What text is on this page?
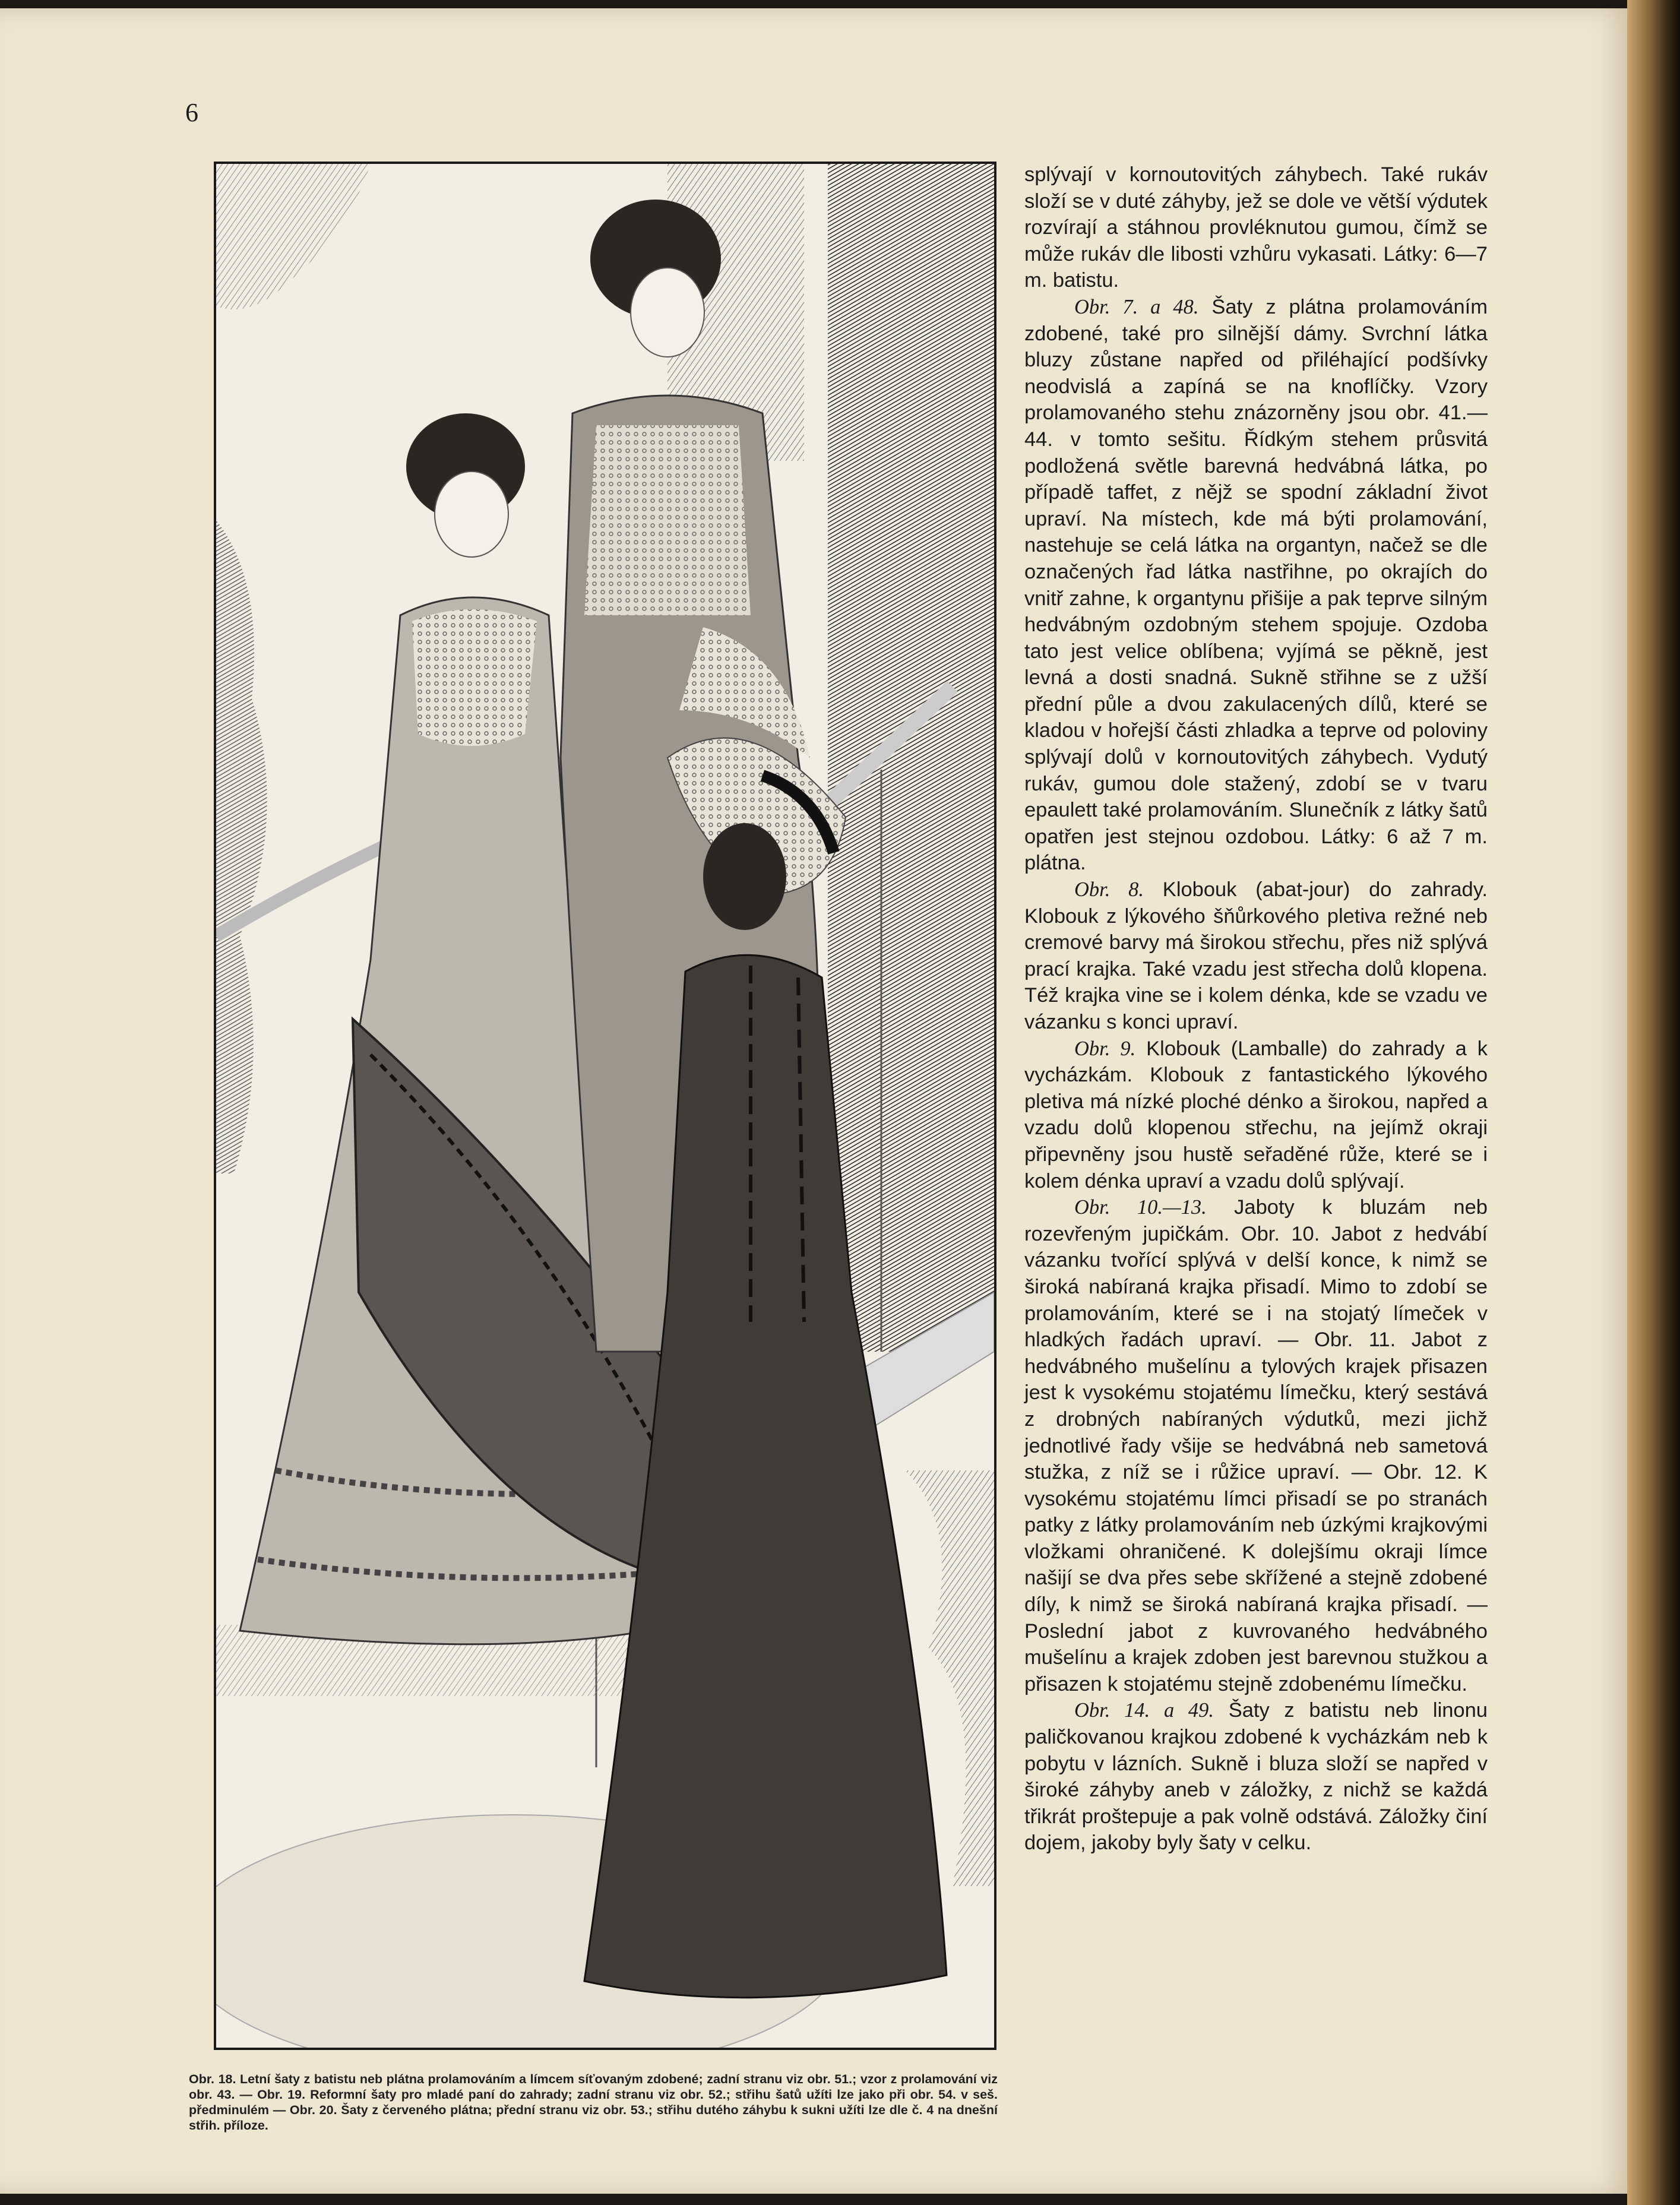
6
Obr. 18. Letní šaty z batistu neb plátna prolamováním a límcem síťovaným zdobené; zadní stranu viz obr. 51.; vzor z prolamování viz obr. 43. — Obr. 19. Reformní šaty pro mladé paní do zahrady; zadní stranu viz obr. 52.; střihu šatů užíti lze jako při obr. 54. v seš. předminulém — Obr. 20. Šaty z červeného plátna; přední stranu viz obr. 53.; střihu dutého záhybu k sukni užíti lze dle č. 4 na dnešní střih. příloze.

splývají v kornoutovitých záhybech. Také rukáv složí se v duté záhyby, jež se dole ve větší výdutek rozvírají a stáhnou provléknutou gumou, čímž se může rukáv dle libosti vzhůru vykasati. Látky: 6—7 m. batistu.

Obr. 7. a 48. Šaty z plátna prolamováním zdobené, také pro silnější dámy. Svrchní látka bluzy zůstane napřed od přiléhající podšívky neodvislá a zapíná se na knoflíčky. Vzory prolamovaného stehu znázorněny jsou obr. 41.—44. v tomto sešitu. Řídkým stehem průsvitá podložená světle barevná hedvábná látka, po případě taffet, z nějž se spodní základní život upraví. Na místech, kde má býti prolamování, nastehuje se celá látka na organtyn, načež se dle označených řad látka nastřihne, po okrajích do vnitř zahne, k organtynu přišije a pak teprve silným hedvábným ozdobným stehem spojuje. Ozdoba tato jest velice oblíbena; vyjímá se pěkně, jest levná a dosti snadná. Sukně střihne se z užší přední půle a dvou zakulacených dílů, které se kladou v hořejší části zhladka a teprve od poloviny splývají dolů v kornoutovitých záhybech. Vydutý rukáv, gumou dole stažený, zdobí se v tvaru epaulett také prolamováním. Slunečník z látky šatů opatřen jest stejnou ozdobou. Látky: 6 až 7 m. plátna.

Obr. 8. Klobouk (abat-jour) do zahrady. Klobouk z lýkového šňůrkového pletiva režné neb cremové barvy má širokou střechu, přes niž splývá prací krajka. Také vzadu jest střecha dolů klopena. Též krajka vine se i kolem dénka, kde se vzadu ve vázanku s konci upraví.

Obr. 9. Klobouk (Lamballe) do zahrady a k vycházkám. Klobouk z fantastického lýkového pletiva má nízké ploché dénko a širokou, napřed a vzadu dolů klopenou střechu, na jejímž okraji připevněny jsou hustě seřaděné růže, které se i kolem dénka upraví a vzadu dolů splývají.

Obr. 10.—13. Jaboty k bluzám neb rozevřeným jupičkám. Obr. 10. Jabot z hedvábí vázanku tvořící splývá v delší konce, k nimž se široká nabíraná krajka přisadí. Mimo to zdobí se prolamováním, které se i na stojatý límeček v hladkých řadách upraví. — Obr. 11. Jabot z hedvábného mušelínu a tylových krajek přisazen jest k vysokému stojatému límečku, který sestává z drobných nabíraných výdutků, mezi jichž jednotlivé řady všije se hedvábná neb sametová stužka, z níž se i růžice upraví. — Obr. 12. K vysokému stojatému límci přisadí se po stranách patky z látky prolamováním neb úzkými krajkovými vložkami ohraničené. K dolejšímu okraji límce našijí se dva přes sebe skřížené a stejně zdobené díly, k nimž se široká nabíraná krajka přisadí. — Poslední jabot z kuvrovaného hedvábného mušelínu a krajek zdoben jest barevnou stužkou a přisazen k stojatému stejně zdobenému límečku.

Obr. 14. a 49. Šaty z batistu neb linonu paličkovanou krajkou zdobené k vycházkám neb k pobytu v lázních. Sukně i bluza složí se napřed v široké záhyby aneb v záložky, z nichž se každá třikrát proštepuje a pak volně odstává. Záložky činí dojem, jakoby byly šaty v celku.
